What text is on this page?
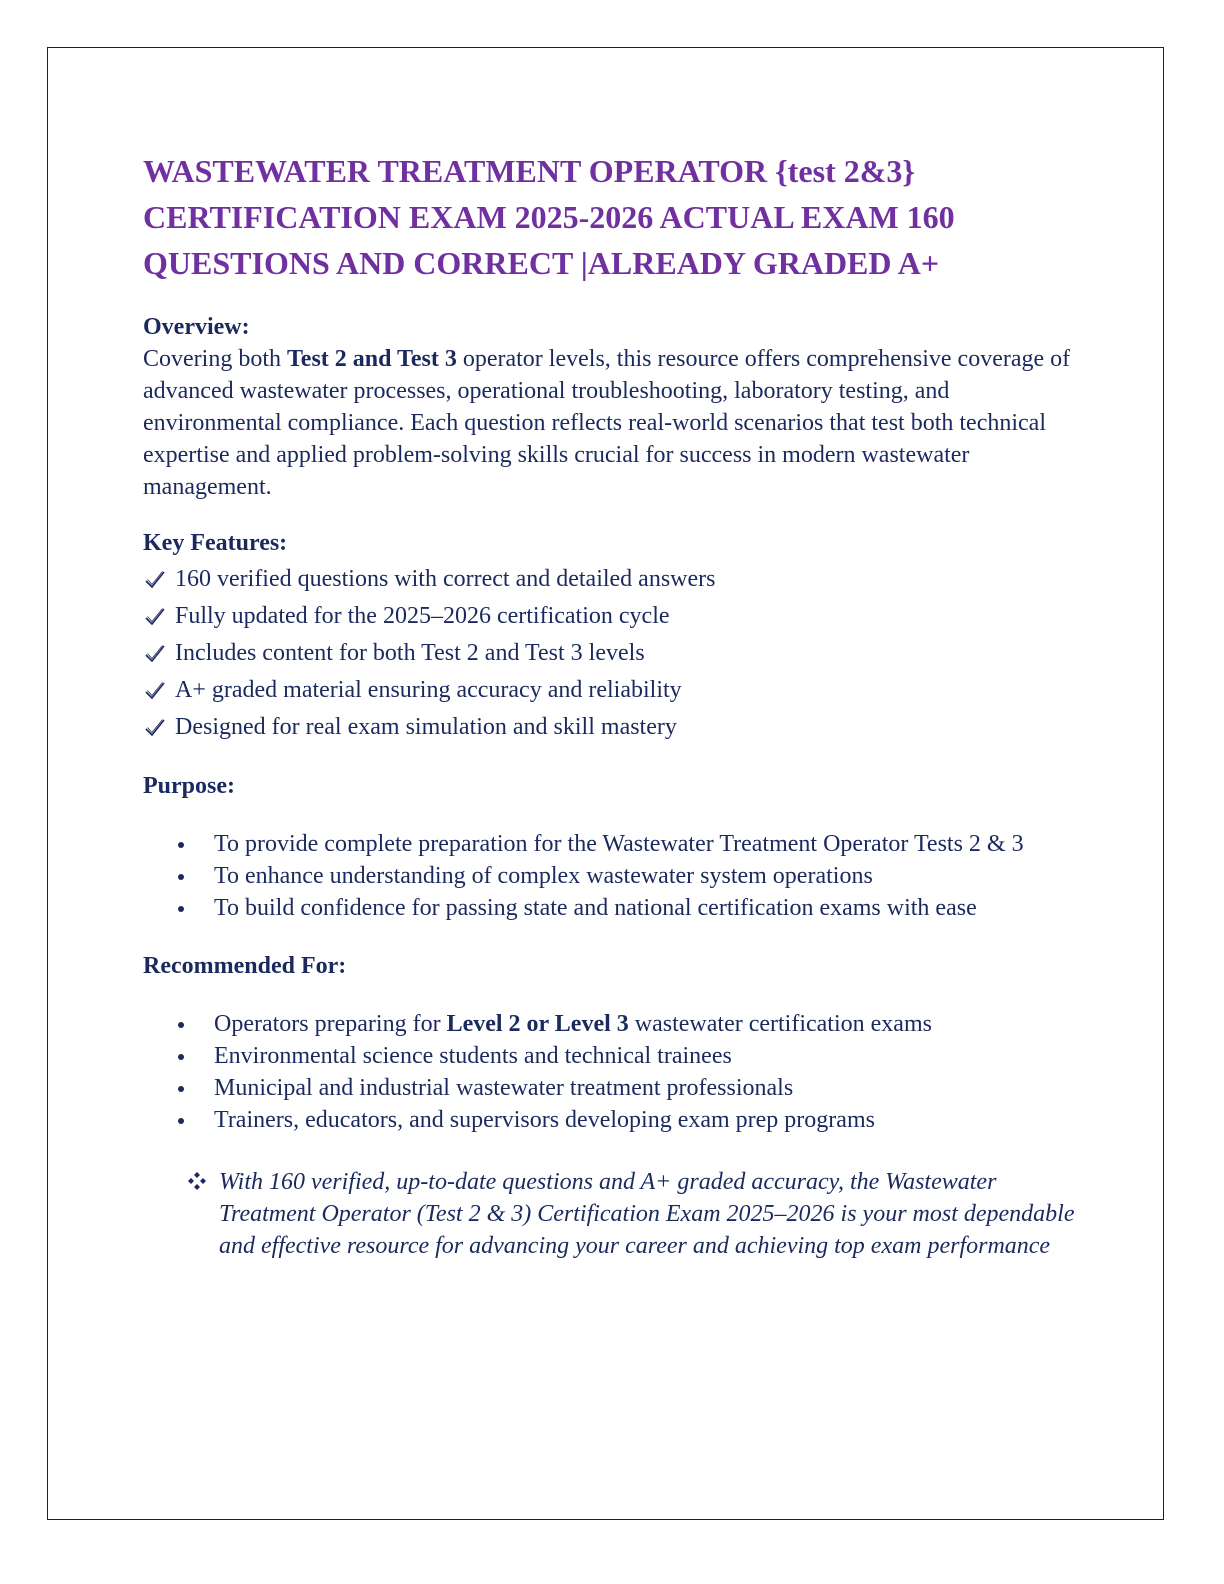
WASTEWATER TREATMENT OPERATOR {test 2&3} CERTIFICATION EXAM 2025-2026 ACTUAL EXAM 160 QUESTIONS AND CORRECT |ALREADY GRADED A+
Overview:

Covering both Test 2 and Test 3 operator levels, this resource offers comprehensive coverage of advanced wastewater processes, operational troubleshooting, laboratory testing, and environmental compliance. Each question reflects real-world scenarios that test both technical expertise and applied problem-solving skills crucial for success in modern wastewater management.

Key Features:
160 verified questions with correct and detailed answers
Fully updated for the 2025–2026 certification cycle
Includes content for both Test 2 and Test 3 levels
A+ graded material ensuring accuracy and reliability
Designed for real exam simulation and skill mastery
Purpose:
To provide complete preparation for the Wastewater Treatment Operator Tests 2 & 3
To enhance understanding of complex wastewater system operations
To build confidence for passing state and national certification exams with ease
Recommended For:
Operators preparing for Level 2 or Level 3 wastewater certification exams
Environmental science students and technical trainees
Municipal and industrial wastewater treatment professionals
Trainers, educators, and supervisors developing exam prep programs
With 160 verified, up-to-date questions and A+ graded accuracy, the Wastewater Treatment Operator (Test 2 & 3) Certification Exam 2025–2026 is your most dependable and effective resource for advancing your career and achieving top exam performance
